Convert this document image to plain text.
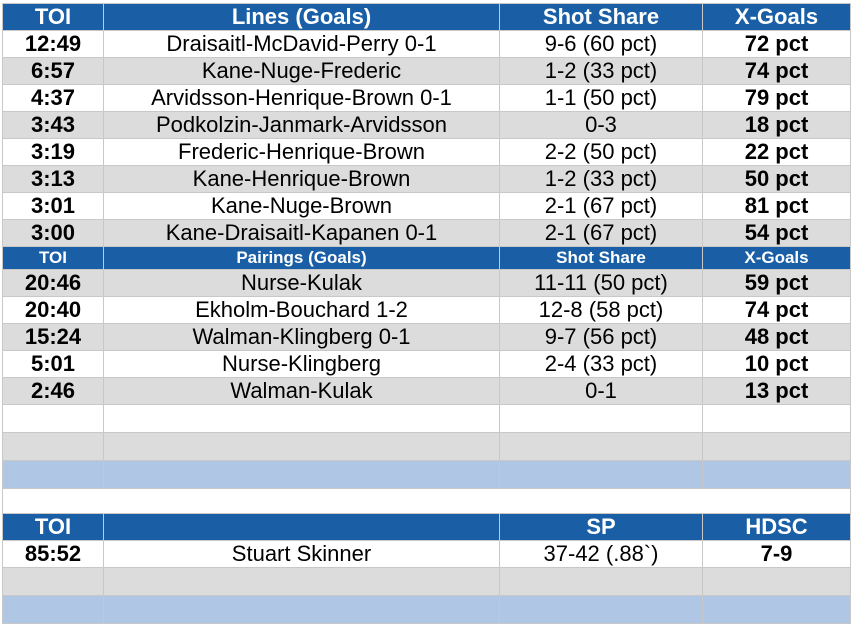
TOI	Lines (Goals)	Shot Share	X-Goals
12:49	Draisaitl-McDavid-Perry 0-1	9-6 (60 pct)	72 pct
6:57	Kane-Nuge-Frederic	1-2 (33 pct)	74 pct
4:37	Arvidsson-Henrique-Brown 0-1	1-1 (50 pct)	79 pct
3:43	Podkolzin-Janmark-Arvidsson	0-3	18 pct
3:19	Frederic-Henrique-Brown	2-2 (50 pct)	22 pct
3:13	Kane-Henrique-Brown	1-2 (33 pct)	50 pct
3:01	Kane-Nuge-Brown	2-1 (67 pct)	81 pct
3:00	Kane-Draisaitl-Kapanen 0-1	2-1 (67 pct)	54 pct
TOI	Pairings (Goals)	Shot Share	X-Goals
20:46	Nurse-Kulak	11-11 (50 pct)	59 pct
20:40	Ekholm-Bouchard 1-2	12-8 (58 pct)	74 pct
15:24	Walman-Klingberg 0-1	9-7 (56 pct)	48 pct
5:01	Nurse-Klingberg	2-4 (33 pct)	10 pct
2:46	Walman-Kulak	0-1	13 pct

TOI		SP	HDSC
85:52	Stuart Skinner	37-42 (.88`)	7-9
